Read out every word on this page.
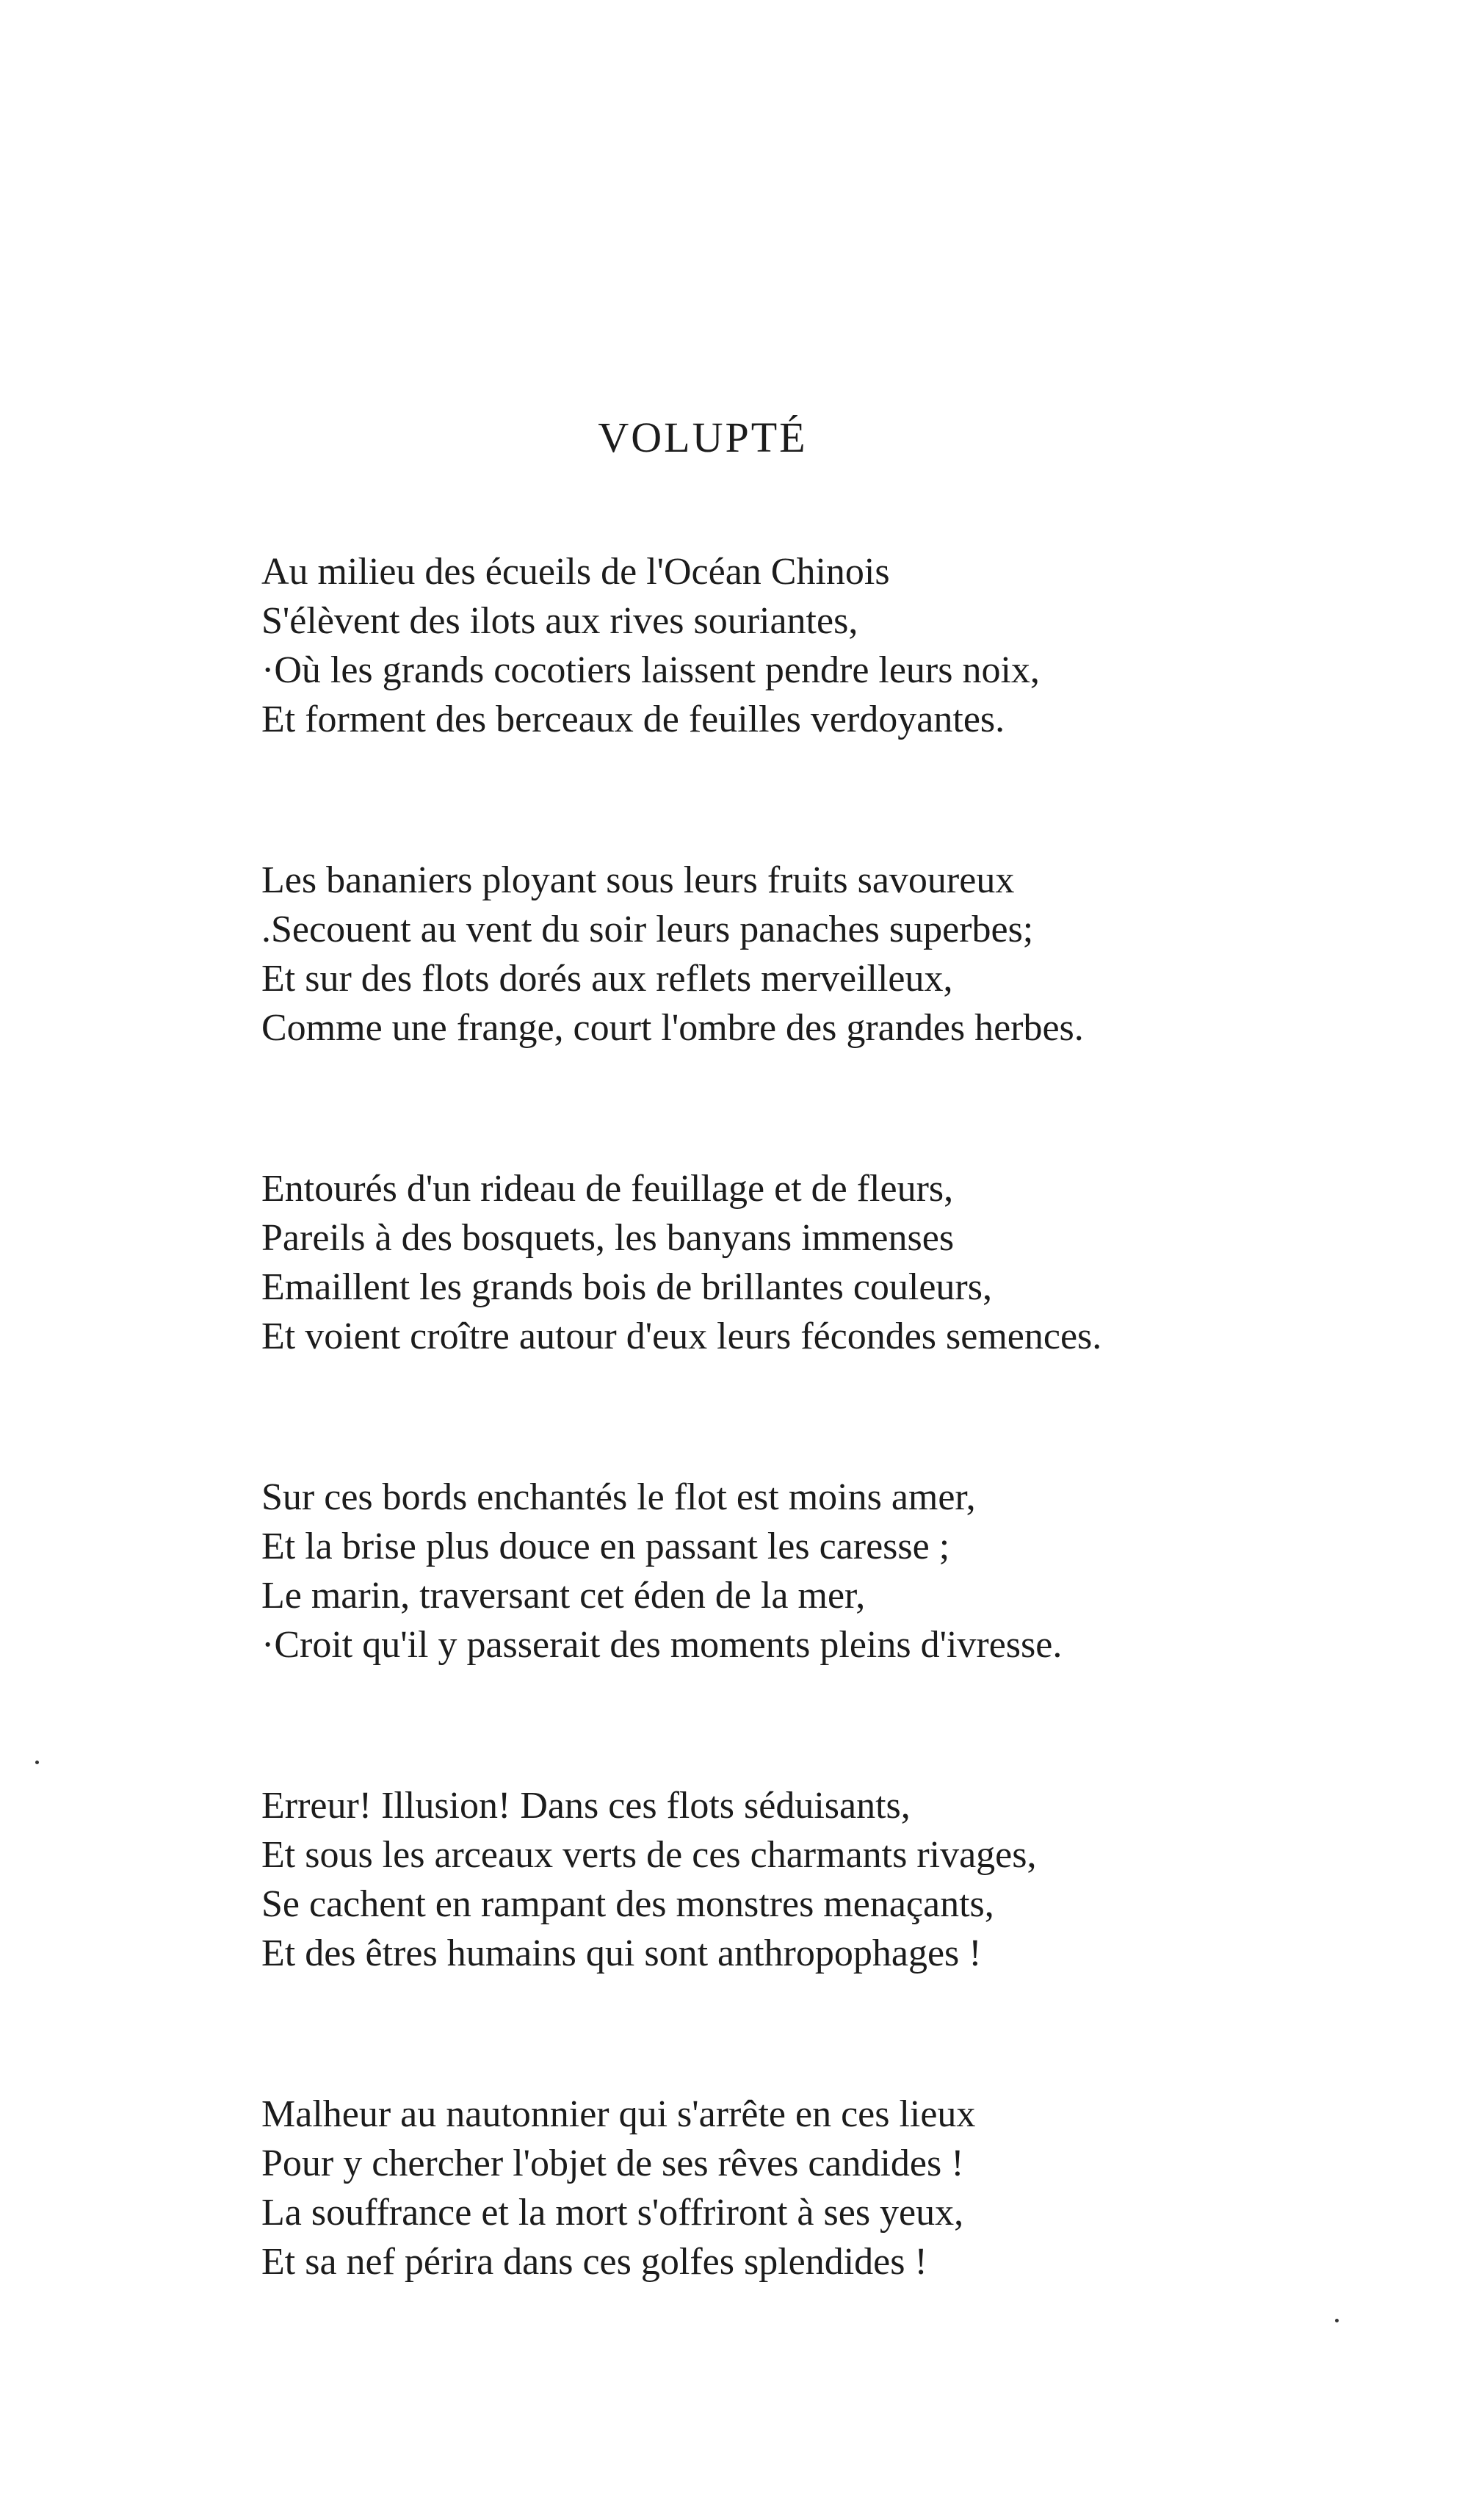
VOLUPTÉ
Au milieu des écueils de l'Océan Chinois
S'élèvent des ilots aux rives souriantes,
·Où les grands cocotiers laissent pendre leurs noix,
Et forment des berceaux de feuilles verdoyantes.
Les bananiers ployant sous leurs fruits savoureux
.Secouent au vent du soir leurs panaches superbes;
Et sur des flots dorés aux reflets merveilleux,
Comme une frange, court l'ombre des grandes herbes.
Entourés d'un rideau de feuillage et de fleurs,
Pareils à des bosquets, les banyans immenses
Emaillent les grands bois de brillantes couleurs,
Et voient croître autour d'eux leurs fécondes semences.
Sur ces bords enchantés le flot est moins amer,
Et la brise plus douce en passant les caresse ;
Le marin, traversant cet éden de la mer,
·Croit qu'il y passerait des moments pleins d'ivresse.
Erreur! Illusion! Dans ces flots séduisants,
Et sous les arceaux verts de ces charmants rivages,
Se cachent en rampant des monstres menaçants,
Et des êtres humains qui sont anthropophages !
Malheur au nautonnier qui s'arrête en ces lieux
Pour y chercher l'objet de ses rêves candides !
La souffrance et la mort s'offriront à ses yeux,
Et sa nef périra dans ces golfes splendides !
